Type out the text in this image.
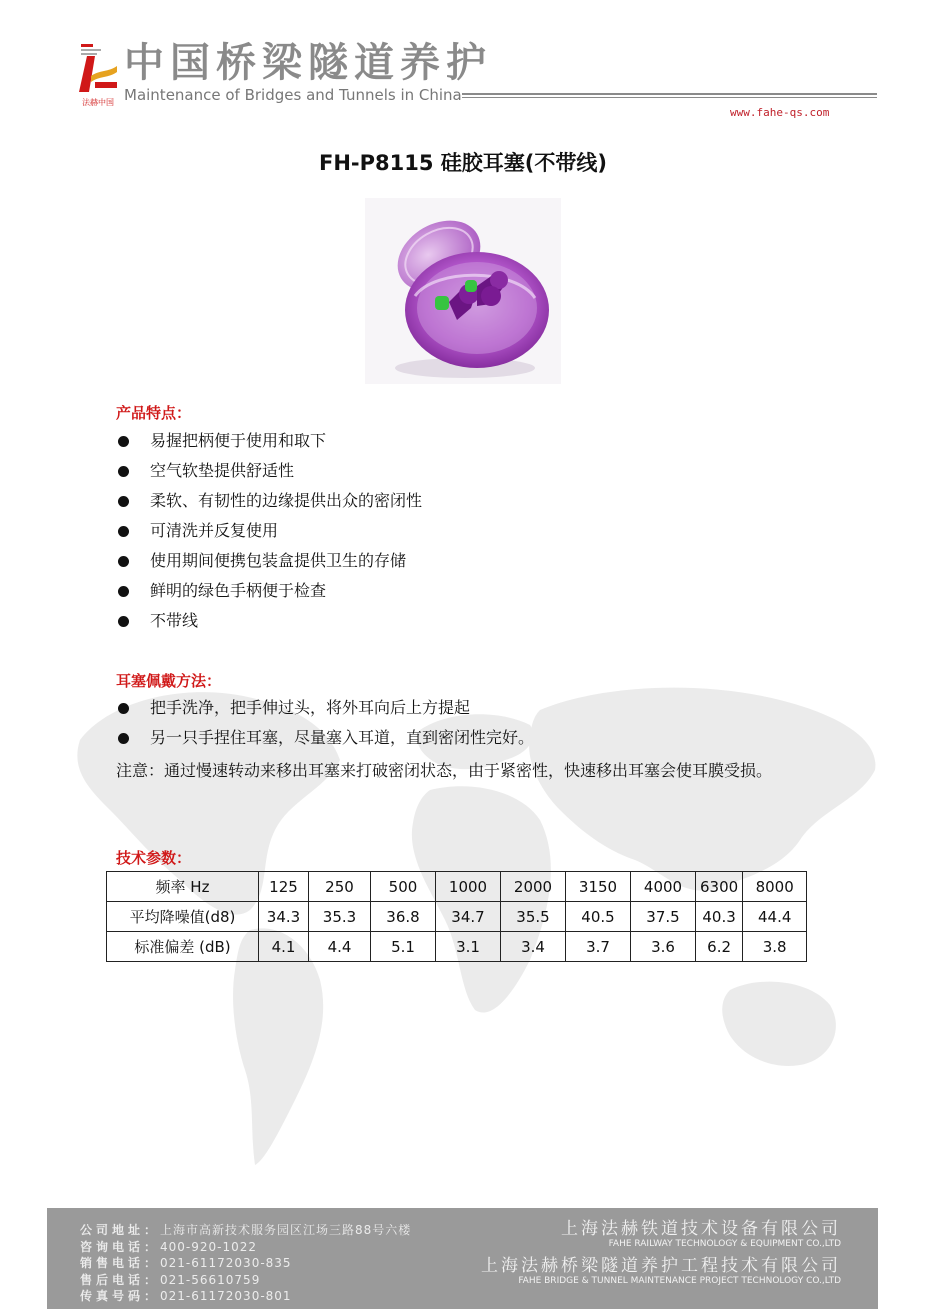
法赫中国
中国桥梁隧道养护
Maintenance of Bridges and Tunnels in China
www.fahe-qs.com
FH-P8115 硅胶耳塞(不带线)
产品特点：
易握把柄便于使用和取下
空气软垫提供舒适性
柔软、有韧性的边缘提供出众的密闭性
可清洗并反复使用
使用期间便携包装盒提供卫生的存储
鲜明的绿色手柄便于检查
不带线
耳塞佩戴方法：
把手洗净，把手伸过头，将外耳向后上方提起
另一只手捏住耳塞，尽量塞入耳道，直到密闭性完好。
注意：通过慢速转动来移出耳塞来打破密闭状态，由于紧密性，快速移出耳塞会使耳膜受损。
技术参数：
频率 Hz	125	250	500	1000	2000	3150	4000	6300	8000
平均降噪值(d8)	34.3	35.3	36.8	34.7	35.5	40.5	37.5	40.3	44.4
标准偏差 (dB)	4.1	4.4	5.1	3.1	3.4	3.7	3.6	6.2	3.8
公司地址：上海市高新技术服务园区江场三路88号六楼
咨询电话：400-920-1022
销售电话：021-61172030-835
售后电话：021-56610759
传真号码：021-61172030-801
上海法赫铁道技术设备有限公司
FAHE RAILWAY TECHNOLOGY & EQUIPMENT CO.,LTD
上海法赫桥梁隧道养护工程技术有限公司
FAHE BRIDGE & TUNNEL MAINTENANCE PROJECT TECHNOLOGY CO.,LTD
